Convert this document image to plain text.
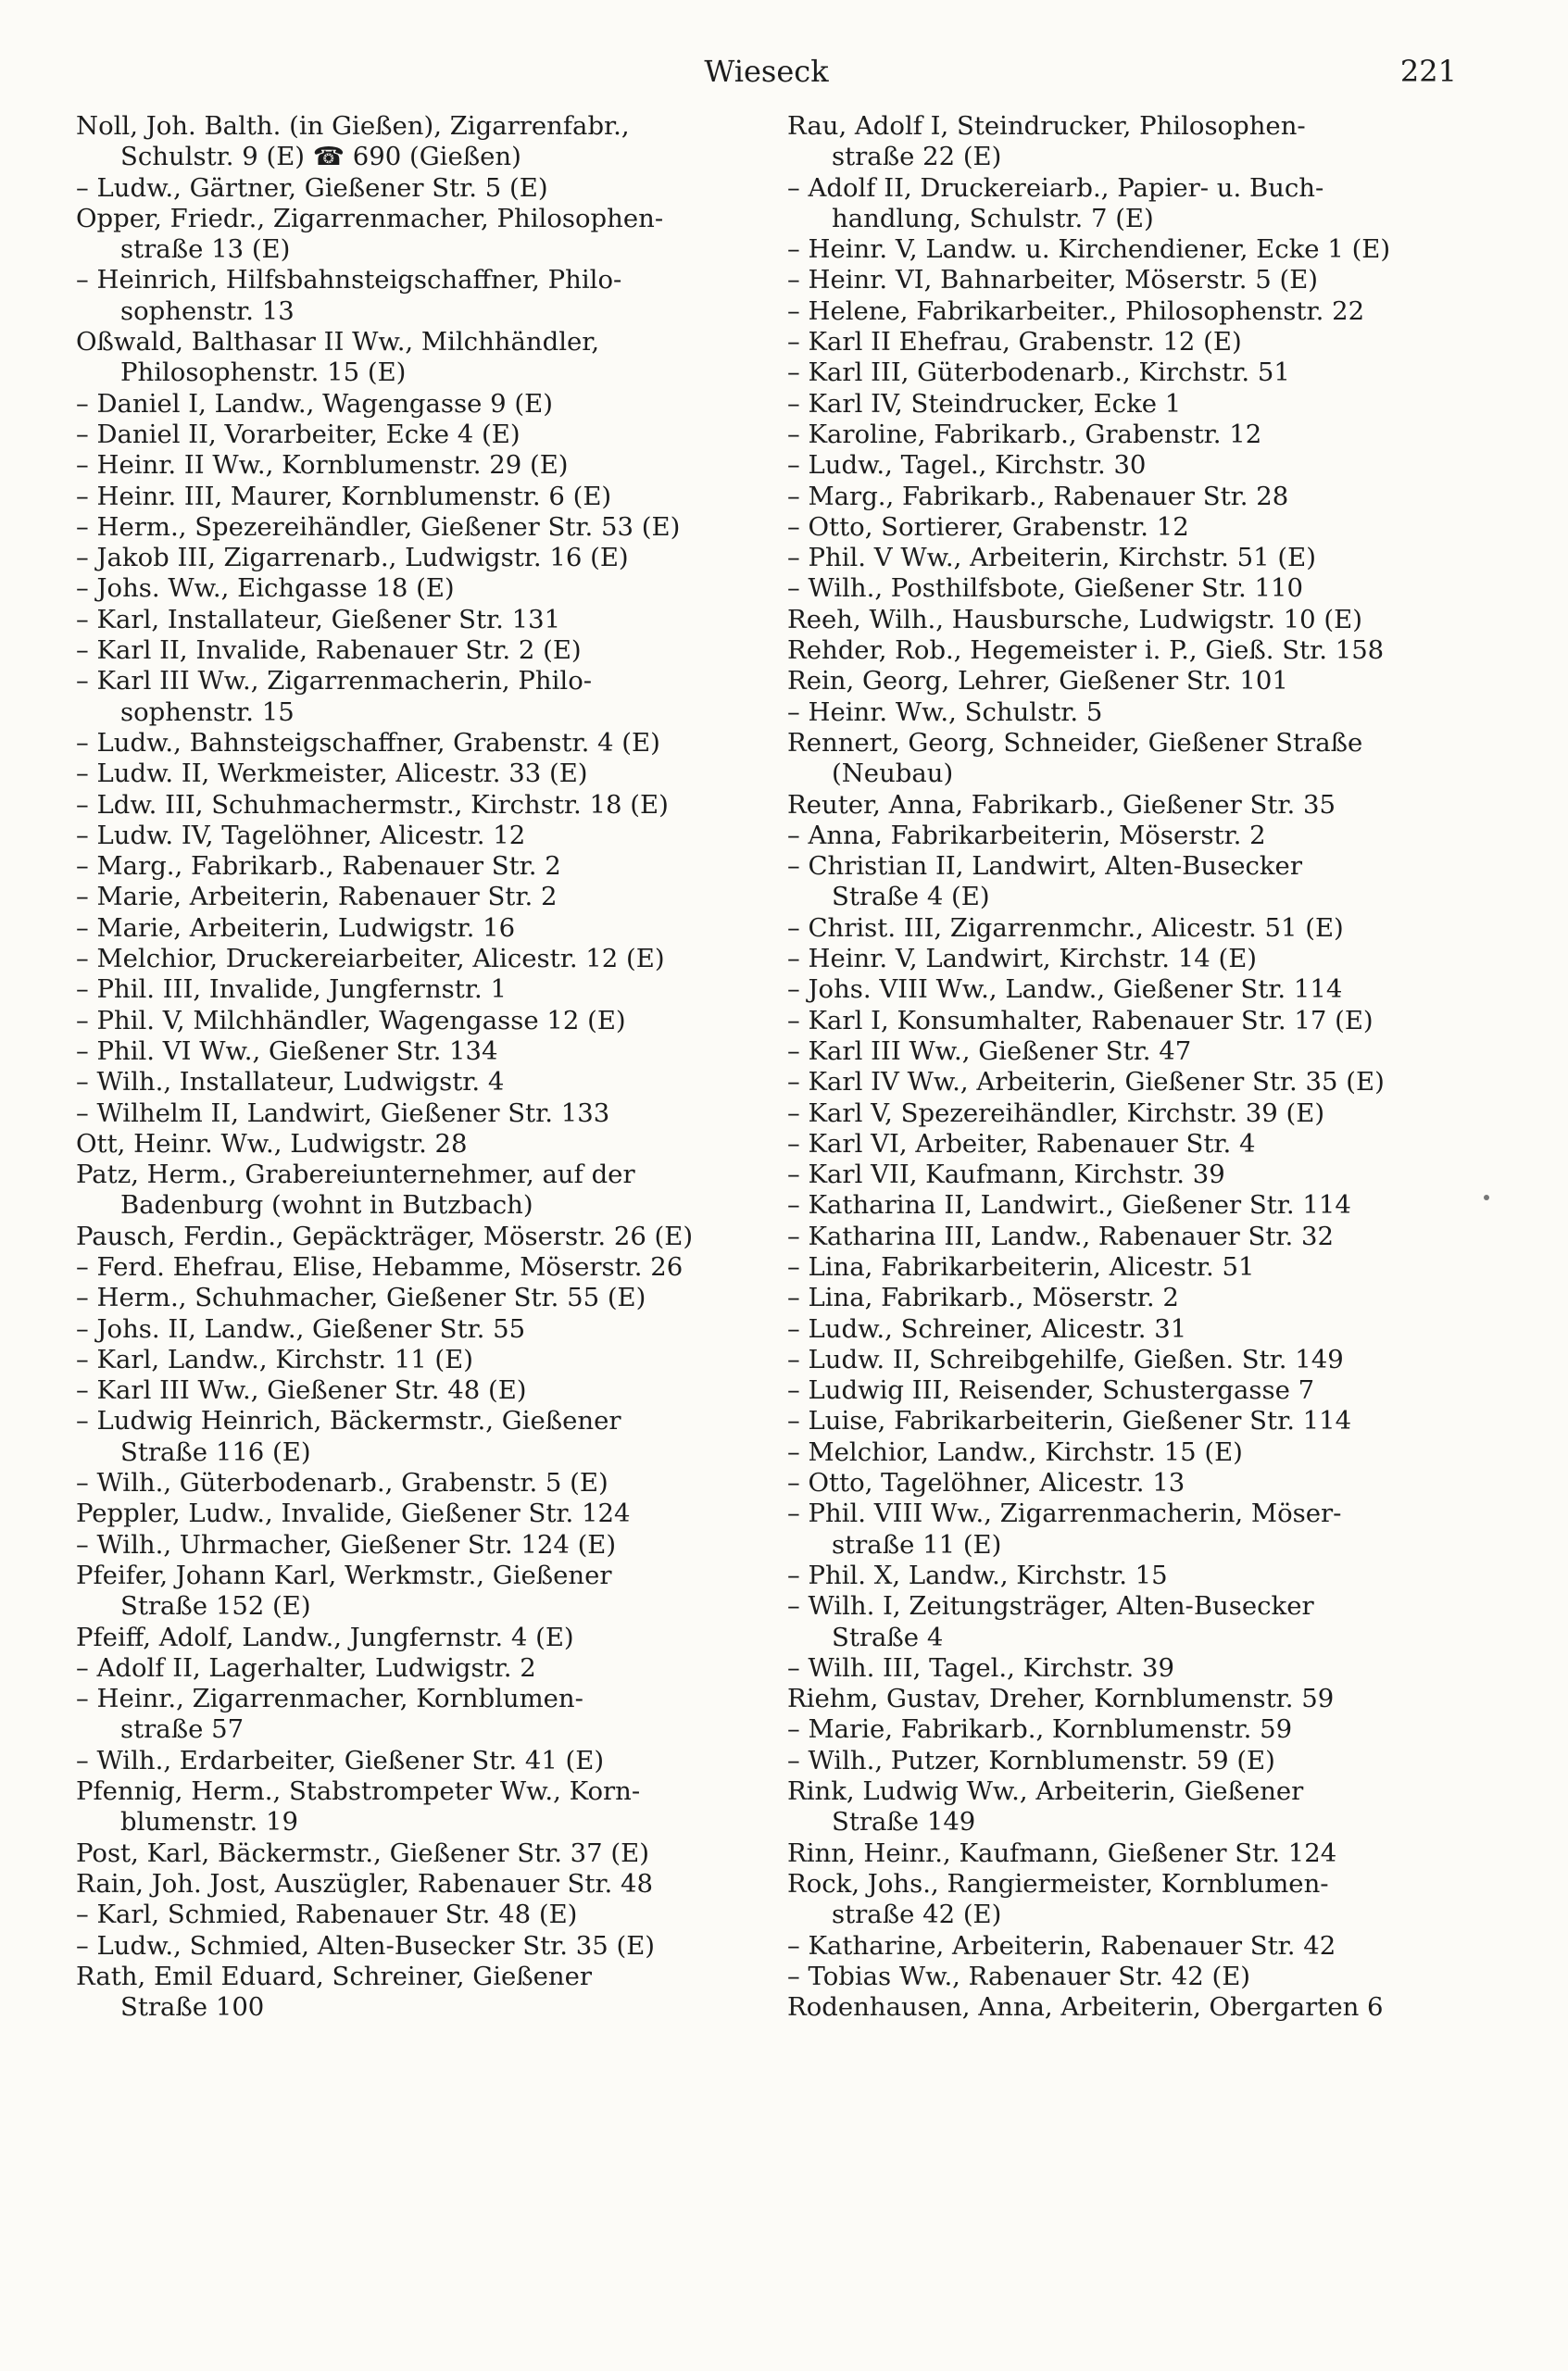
Wieseck	221
Noll, Joh. Balth. (in Gießen), Zigarrenfabr.,
Schulstr. 9 (E) ☎ 690 (Gießen)
– Ludw., Gärtner, Gießener Str. 5 (E)
Opper, Friedr., Zigarrenmacher, Philosophen-
straße 13 (E)
– Heinrich, Hilfsbahnsteigschaffner, Philo-
sophenstr. 13
Oßwald, Balthasar II Ww., Milchhändler,
Philosophenstr. 15 (E)
– Daniel I, Landw., Wagengasse 9 (E)
– Daniel II, Vorarbeiter, Ecke 4 (E)
– Heinr. II Ww., Kornblumenstr. 29 (E)
– Heinr. III, Maurer, Kornblumenstr. 6 (E)
– Herm., Spezereihändler, Gießener Str. 53 (E)
– Jakob III, Zigarrenarb., Ludwigstr. 16 (E)
– Johs. Ww., Eichgasse 18 (E)
– Karl, Installateur, Gießener Str. 131
– Karl II, Invalide, Rabenauer Str. 2 (E)
– Karl III Ww., Zigarrenmacherin, Philo-
sophenstr. 15
– Ludw., Bahnsteigschaffner, Grabenstr. 4 (E)
– Ludw. II, Werkmeister, Alicestr. 33 (E)
– Ldw. III, Schuhmachermstr., Kirchstr. 18 (E)
– Ludw. IV, Tagelöhner, Alicestr. 12
– Marg., Fabrikarb., Rabenauer Str. 2
– Marie, Arbeiterin, Rabenauer Str. 2
– Marie, Arbeiterin, Ludwigstr. 16
– Melchior, Druckereiarbeiter, Alicestr. 12 (E)
– Phil. III, Invalide, Jungfernstr. 1
– Phil. V, Milchhändler, Wagengasse 12 (E)
– Phil. VI Ww., Gießener Str. 134
– Wilh., Installateur, Ludwigstr. 4
– Wilhelm II, Landwirt, Gießener Str. 133
Ott, Heinr. Ww., Ludwigstr. 28
Patz, Herm., Grabereiunternehmer, auf der
Badenburg (wohnt in Butzbach)
Pausch, Ferdin., Gepäckträger, Möserstr. 26 (E)
– Ferd. Ehefrau, Elise, Hebamme, Möserstr. 26
– Herm., Schuhmacher, Gießener Str. 55 (E)
– Johs. II, Landw., Gießener Str. 55
– Karl, Landw., Kirchstr. 11 (E)
– Karl III Ww., Gießener Str. 48 (E)
– Ludwig Heinrich, Bäckermstr., Gießener
Straße 116 (E)
– Wilh., Güterbodenarb., Grabenstr. 5 (E)
Peppler, Ludw., Invalide, Gießener Str. 124
– Wilh., Uhrmacher, Gießener Str. 124 (E)
Pfeifer, Johann Karl, Werkmstr., Gießener
Straße 152 (E)
Pfeiff, Adolf, Landw., Jungfernstr. 4 (E)
– Adolf II, Lagerhalter, Ludwigstr. 2
– Heinr., Zigarrenmacher, Kornblumen-
straße 57
– Wilh., Erdarbeiter, Gießener Str. 41 (E)
Pfennig, Herm., Stabstrompeter Ww., Korn-
blumenstr. 19
Post, Karl, Bäckermstr., Gießener Str. 37 (E)
Rain, Joh. Jost, Auszügler, Rabenauer Str. 48
– Karl, Schmied, Rabenauer Str. 48 (E)
– Ludw., Schmied, Alten-Busecker Str. 35 (E)
Rath, Emil Eduard, Schreiner, Gießener
Straße 100
Rau, Adolf I, Steindrucker, Philosophen-
straße 22 (E)
– Adolf II, Druckereiarb., Papier- u. Buch-
handlung, Schulstr. 7 (E)
– Heinr. V, Landw. u. Kirchendiener, Ecke 1 (E)
– Heinr. VI, Bahnarbeiter, Möserstr. 5 (E)
– Helene, Fabrikarbeiter., Philosophenstr. 22
– Karl II Ehefrau, Grabenstr. 12 (E)
– Karl III, Güterbodenarb., Kirchstr. 51
– Karl IV, Steindrucker, Ecke 1
– Karoline, Fabrikarb., Grabenstr. 12
– Ludw., Tagel., Kirchstr. 30
– Marg., Fabrikarb., Rabenauer Str. 28
– Otto, Sortierer, Grabenstr. 12
– Phil. V Ww., Arbeiterin, Kirchstr. 51 (E)
– Wilh., Posthilfsbote, Gießener Str. 110
Reeh, Wilh., Hausbursche, Ludwigstr. 10 (E)
Rehder, Rob., Hegemeister i. P., Gieß. Str. 158
Rein, Georg, Lehrer, Gießener Str. 101
– Heinr. Ww., Schulstr. 5
Rennert, Georg, Schneider, Gießener Straße
(Neubau)
Reuter, Anna, Fabrikarb., Gießener Str. 35
– Anna, Fabrikarbeiterin, Möserstr. 2
– Christian II, Landwirt, Alten-Busecker
Straße 4 (E)
– Christ. III, Zigarrenmchr., Alicestr. 51 (E)
– Heinr. V, Landwirt, Kirchstr. 14 (E)
– Johs. VIII Ww., Landw., Gießener Str. 114
– Karl I, Konsumhalter, Rabenauer Str. 17 (E)
– Karl III Ww., Gießener Str. 47
– Karl IV Ww., Arbeiterin, Gießener Str. 35 (E)
– Karl V, Spezereihändler, Kirchstr. 39 (E)
– Karl VI, Arbeiter, Rabenauer Str. 4
– Karl VII, Kaufmann, Kirchstr. 39
– Katharina II, Landwirt., Gießener Str. 114
– Katharina III, Landw., Rabenauer Str. 32
– Lina, Fabrikarbeiterin, Alicestr. 51
– Lina, Fabrikarb., Möserstr. 2
– Ludw., Schreiner, Alicestr. 31
– Ludw. II, Schreibgehilfe, Gießen. Str. 149
– Ludwig III, Reisender, Schustergasse 7
– Luise, Fabrikarbeiterin, Gießener Str. 114
– Melchior, Landw., Kirchstr. 15 (E)
– Otto, Tagelöhner, Alicestr. 13
– Phil. VIII Ww., Zigarrenmacherin, Möser-
straße 11 (E)
– Phil. X, Landw., Kirchstr. 15
– Wilh. I, Zeitungsträger, Alten-Busecker
Straße 4
– Wilh. III, Tagel., Kirchstr. 39
Riehm, Gustav, Dreher, Kornblumenstr. 59
– Marie, Fabrikarb., Kornblumenstr. 59
– Wilh., Putzer, Kornblumenstr. 59 (E)
Rink, Ludwig Ww., Arbeiterin, Gießener
Straße 149
Rinn, Heinr., Kaufmann, Gießener Str. 124
Rock, Johs., Rangiermeister, Kornblumen-
straße 42 (E)
– Katharine, Arbeiterin, Rabenauer Str. 42
– Tobias Ww., Rabenauer Str. 42 (E)
Rodenhausen, Anna, Arbeiterin, Obergarten 6
